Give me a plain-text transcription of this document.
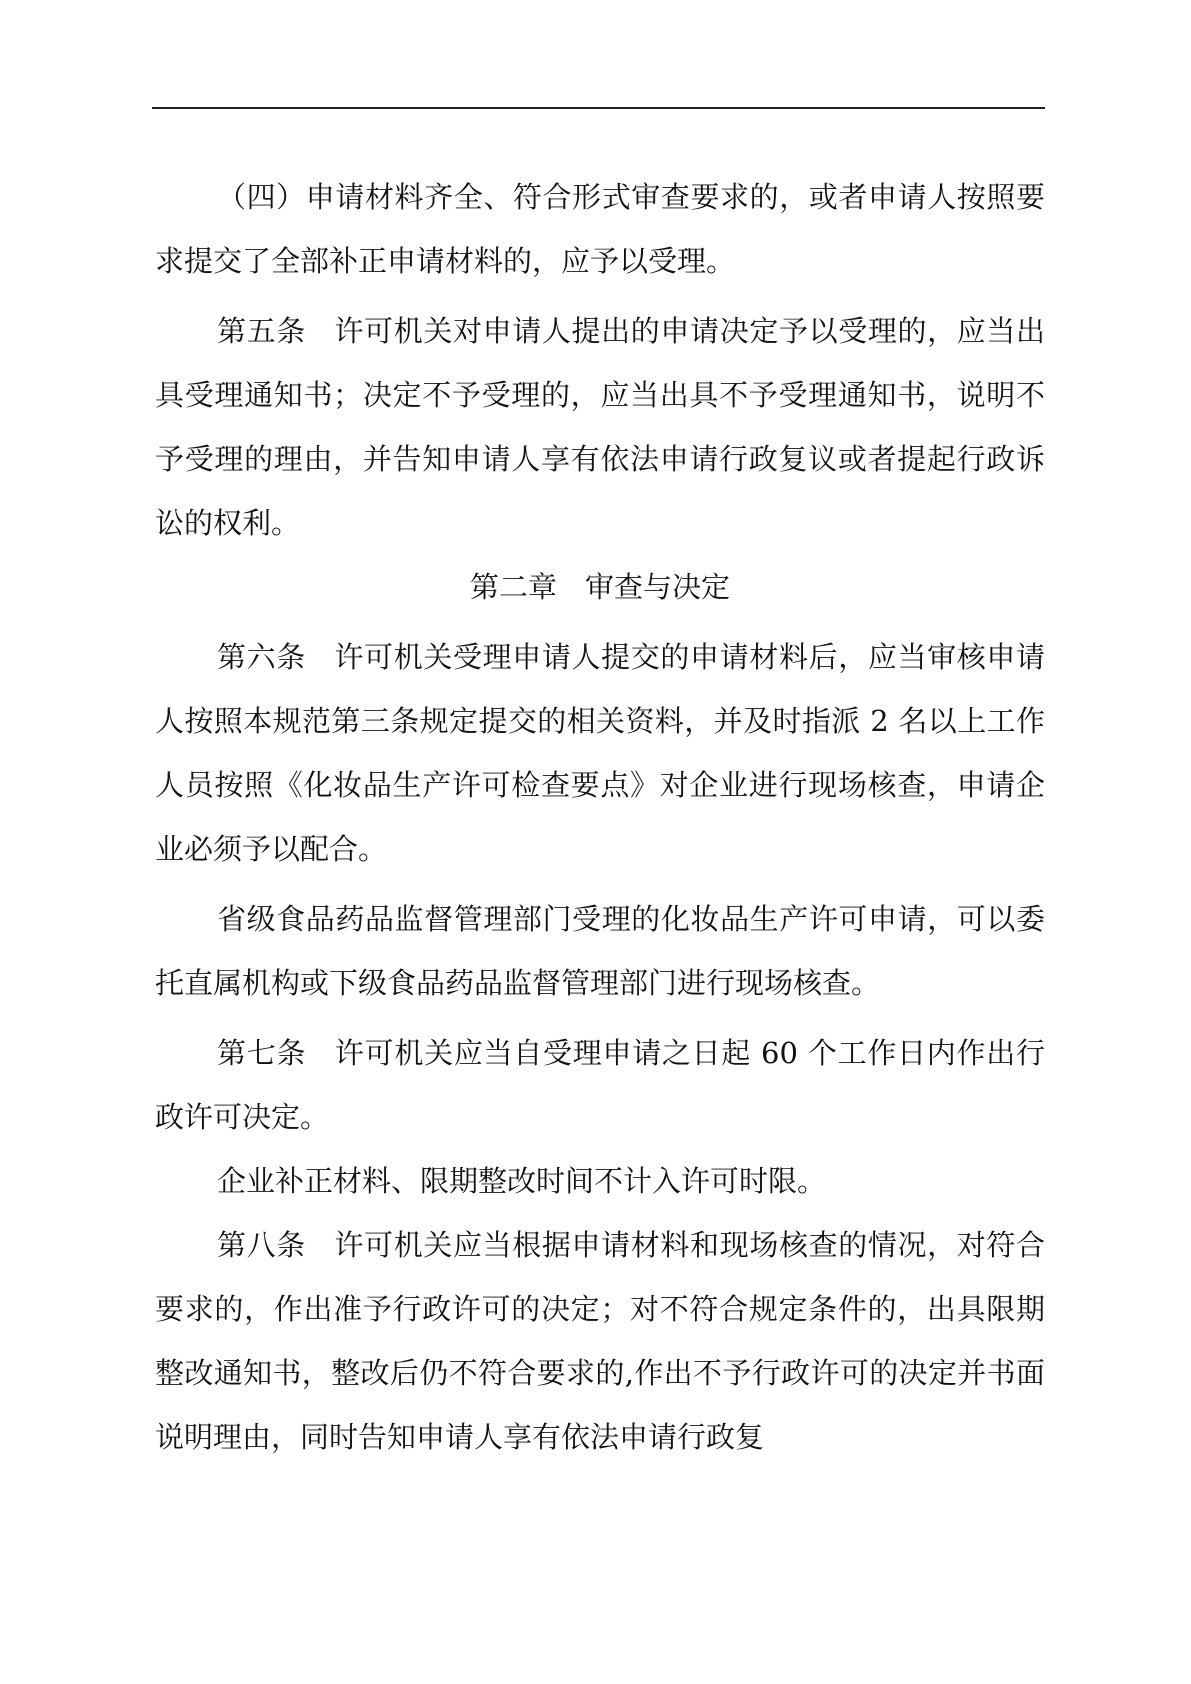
（四）申请材料齐全、符合形式审查要求的，或者申请人按照要求提交了全部补正申请材料的，应予以受理。

第五条 许可机关对申请人提出的申请决定予以受理的，应当出具受理通知书；决定不予受理的，应当出具不予受理通知书，说明不予受理的理由，并告知申请人享有依法申请行政复议或者提起行政诉讼的权利。

第二章 审查与决定

第六条 许可机关受理申请人提交的申请材料后，应当审核申请人按照本规范第三条规定提交的相关资料，并及时指派 2 名以上工作人员按照《化妆品生产许可检查要点》对企业进行现场核查，申请企业必须予以配合。

省级食品药品监督管理部门受理的化妆品生产许可申请，可以委托直属机构或下级食品药品监督管理部门进行现场核查。

第七条 许可机关应当自受理申请之日起 60 个工作日内作出行政许可决定。

企业补正材料、限期整改时间不计入许可时限。

第八条 许可机关应当根据申请材料和现场核查的情况，对符合要求的，作出准予行政许可的决定；对不符合规定条件的，出具限期整改通知书，整改后仍不符合要求的,作出不予行政许可的决定并书面说明理由，同时告知申请人享有依法申请行政复
